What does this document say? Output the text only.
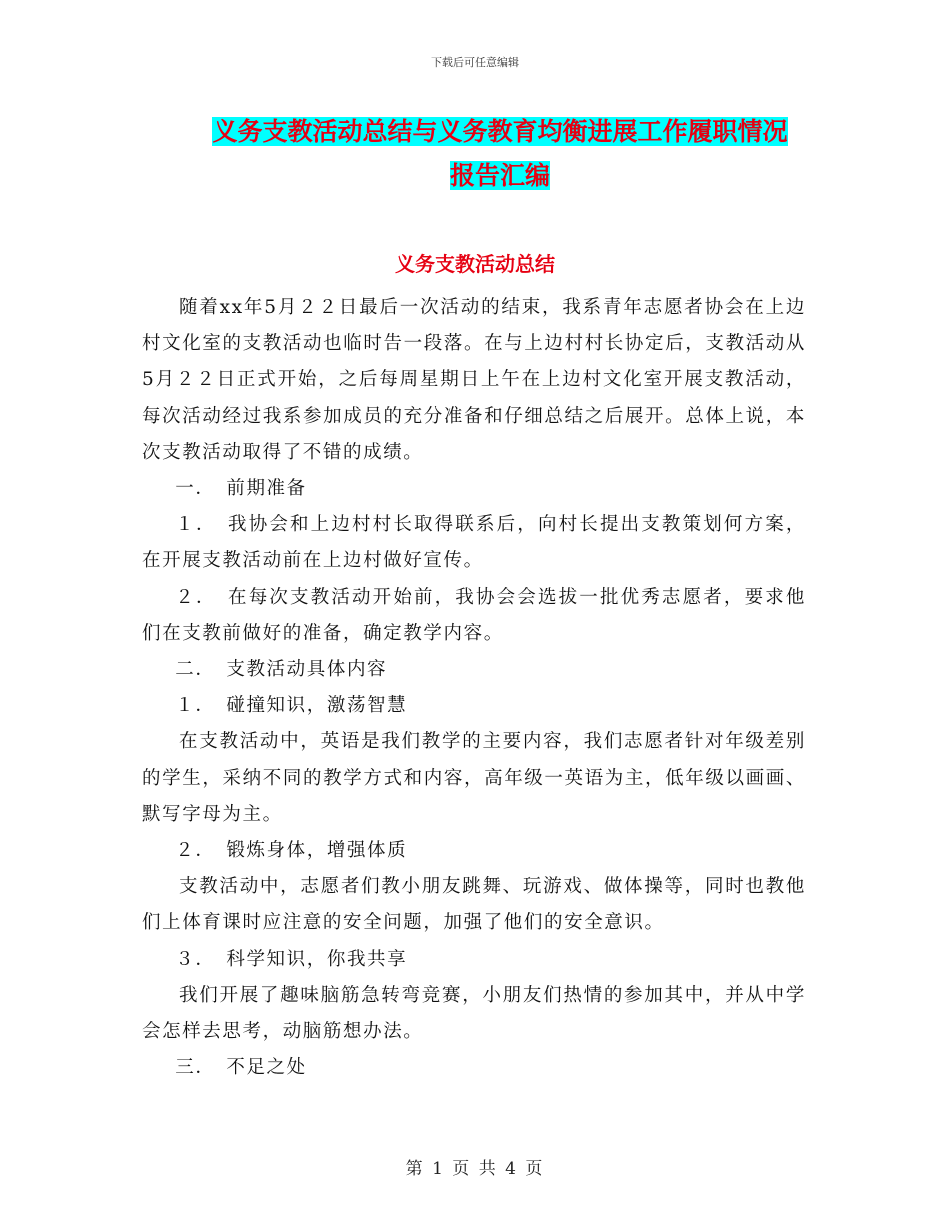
下载后可任意编辑
义务支教活动总结与义务教育均衡进展工作履职情况
报告汇编
义务支教活动总结

随着xx年5月２２日最后一次活动的结束，我系青年志愿者协会在上边村文化室的支教活动也临时告一段落。在与上边村村长协定后，支教活动从5月２２日正式开始，之后每周星期日上午在上边村文化室开展支教活动，每次活动经过我系参加成员的充分准备和仔细总结之后展开。总体上说，本次支教活动取得了不错的成绩。

一．　前期准备

１．　我协会和上边村村长取得联系后，向村长提出支教策划何方案，在开展支教活动前在上边村做好宣传。

２．　在每次支教活动开始前，我协会会选拔一批优秀志愿者，要求他们在支教前做好的准备，确定教学内容。

二．　支教活动具体内容

１．　碰撞知识，激荡智慧

在支教活动中，英语是我们教学的主要内容，我们志愿者针对年级差别的学生，采纳不同的教学方式和内容，高年级一英语为主，低年级以画画、默写字母为主。

２．　锻炼身体，增强体质

支教活动中，志愿者们教小朋友跳舞、玩游戏、做体操等，同时也教他们上体育课时应注意的安全问题，加强了他们的安全意识。

３．　科学知识，你我共享

我们开展了趣味脑筋急转弯竞赛，小朋友们热情的参加其中，并从中学会怎样去思考，动脑筋想办法。

三．　不足之处

第 1 页 共 4 页
